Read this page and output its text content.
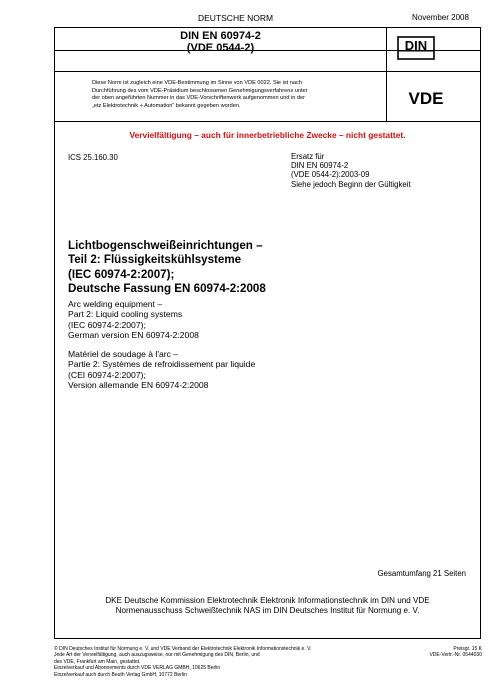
DEUTSCHE NORM	November 2008
DIN EN 60974-2
(VDE 0544-2)	DIN
Diese Norm ist zugleich eine VDE-Bestimmung im Sinne von VDE 0022. Sie ist nach
Durchführung des vom VDE-Präsidium beschlossenen Genehmigungsverfahrens unter
der oben angeführten Nummer in das VDE-Vorschriftenwerk aufgenommen und in der
„etz Elektrotechnik + Automation“ bekannt gegeben worden.	VDE
Vervielfältigung – auch für innerbetriebliche Zwecke – nicht gestattet.
ICS 25.160.30	Ersatz für
DIN EN 60974-2
(VDE 0544-2):2003-09
Siehe jedoch Beginn der Gültigkeit
Lichtbogenschweißeinrichtungen –
Teil 2: Flüssigkeitskühlsysteme
(IEC 60974-2:2007);
Deutsche Fassung EN 60974-2:2008
Arc welding equipment –
Part 2: Liquid cooling systems
(IEC 60974-2:2007);
German version EN 60974-2:2008
Matériel de soudage à l'arc –
Partie 2: Systèmes de refroidissement par liquide
(CEI 60974-2:2007);
Version allemande EN 60974-2:2008
Gesamtumfang 21 Seiten
DKE Deutsche Kommission Elektrotechnik Elektronik Informationstechnik im DIN und VDE
Normenausschuss Schweißtechnik NAS im DIN Deutsches Institut für Normung e. V.
© DIN Deutsches Institut für Normung e. V. und VDE Verband der Elektrotechnik Elektronik Informationstechnik e. V.
Jede Art der Vervielfältigung, auch auszugsweise, nur mit Genehmigung des DIN, Berlin, und
des VDE, Frankfurt am Main, gestattet.
Einzelverkauf und Abonnements durch VDE VERLAG GMBH, 10625 Berlin
Einzelverkauf auch durch Beuth Verlag GmbH, 10772 Berlin
Preisgr. 15 K
VDE-Vertr.-Nr. 0544030
